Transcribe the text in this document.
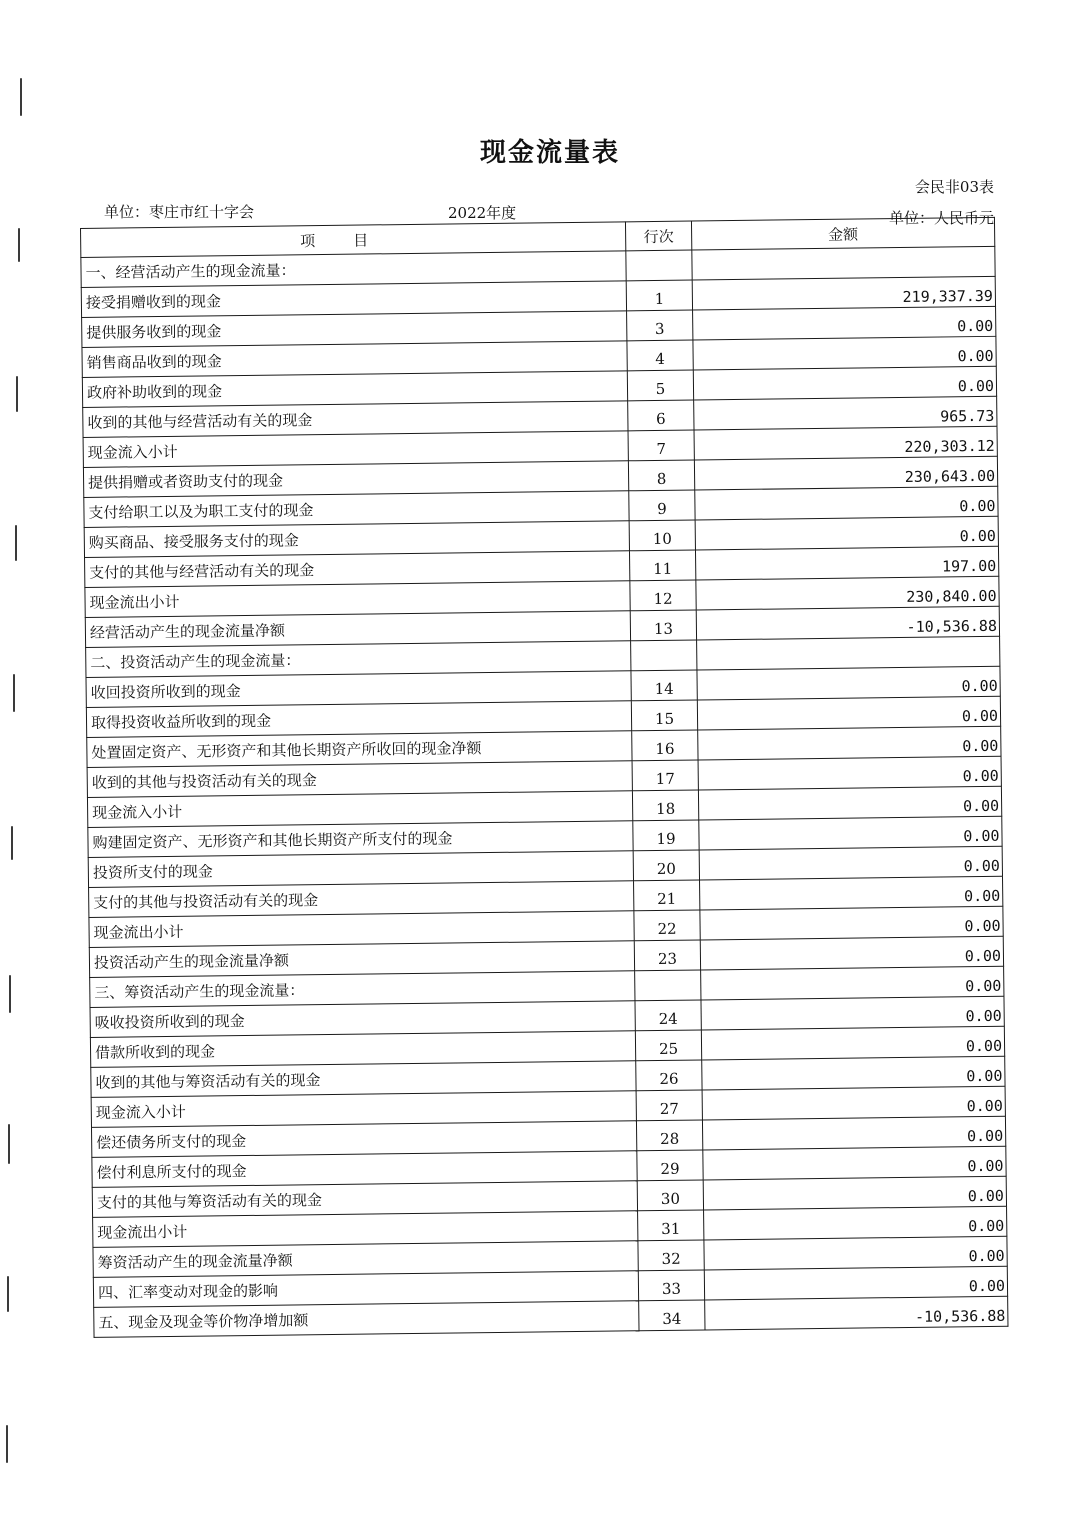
现金流量表
会民非03表
单位：枣庄市红十字会	2022年度	单位：人民币元
项目	行次	金额
一、经营活动产生的现金流量：		
接受捐赠收到的现金	1	219,337.39
提供服务收到的现金	3	0.00
销售商品收到的现金	4	0.00
政府补助收到的现金	5	0.00
收到的其他与经营活动有关的现金	6	965.73
现金流入小计	7	220,303.12
提供捐赠或者资助支付的现金	8	230,643.00
支付给职工以及为职工支付的现金	9	0.00
购买商品、接受服务支付的现金	10	0.00
支付的其他与经营活动有关的现金	11	197.00
现金流出小计	12	230,840.00
经营活动产生的现金流量净额	13	-10,536.88
二、投资活动产生的现金流量：		
收回投资所收到的现金	14	0.00
取得投资收益所收到的现金	15	0.00
处置固定资产、无形资产和其他长期资产所收回的现金净额	16	0.00
收到的其他与投资活动有关的现金	17	0.00
现金流入小计	18	0.00
购建固定资产、无形资产和其他长期资产所支付的现金	19	0.00
投资所支付的现金	20	0.00
支付的其他与投资活动有关的现金	21	0.00
现金流出小计	22	0.00
投资活动产生的现金流量净额	23	0.00
三、筹资活动产生的现金流量：		0.00
吸收投资所收到的现金	24	0.00
借款所收到的现金	25	0.00
收到的其他与筹资活动有关的现金	26	0.00
现金流入小计	27	0.00
偿还债务所支付的现金	28	0.00
偿付利息所支付的现金	29	0.00
支付的其他与筹资活动有关的现金	30	0.00
现金流出小计	31	0.00
筹资活动产生的现金流量净额	32	0.00
四、汇率变动对现金的影响	33	0.00
五、现金及现金等价物净增加额	34	-10,536.88
